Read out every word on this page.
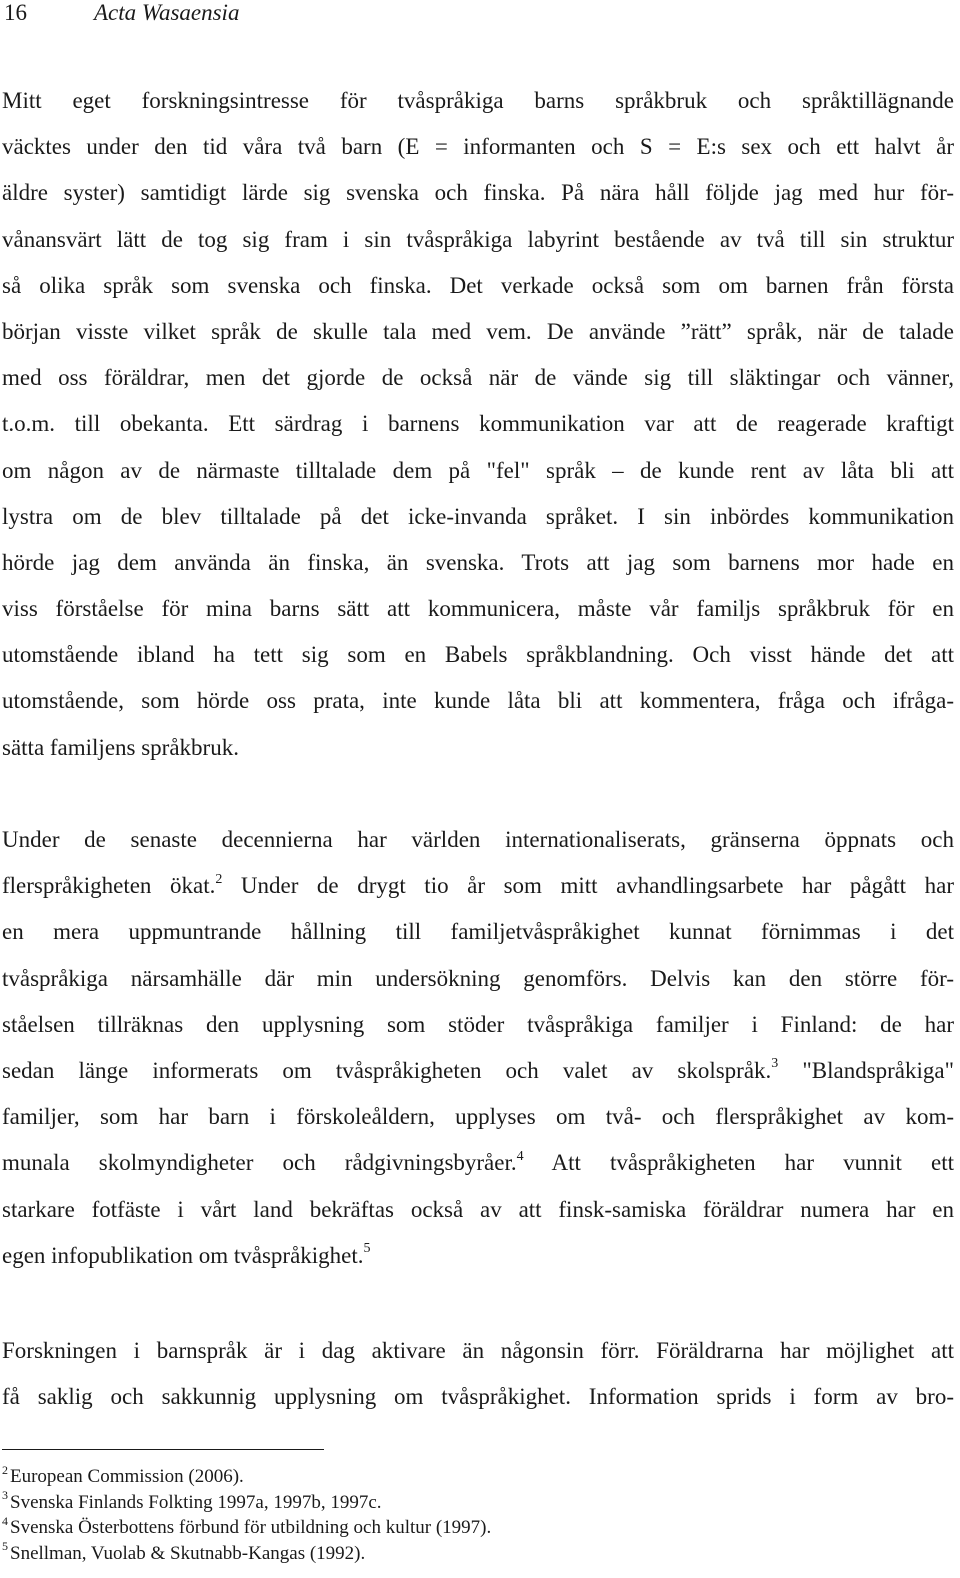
16	Acta Wasaensia
Mitt eget forskningsintresse för tvåspråkiga barns språkbruk och språktillägnande
väcktes under den tid våra två barn (E = informanten och S = E:s sex och ett halvt år
äldre syster) samtidigt lärde sig svenska och finska. På nära håll följde jag med hur för-
vånansvärt lätt de tog sig fram i sin tvåspråkiga labyrint bestående av två till sin struktur
så olika språk som svenska och finska. Det verkade också som om barnen från första
början visste vilket språk de skulle tala med vem. De använde ”rätt” språk, när de talade
med oss föräldrar, men det gjorde de också när de vände sig till släktingar och vänner,
t.o.m. till obekanta. Ett särdrag i barnens kommunikation var att de reagerade kraftigt
om någon av de närmaste tilltalade dem på "fel" språk – de kunde rent av låta bli att
lystra om de blev tilltalade på det icke-invanda språket. I sin inbördes kommunikation
hörde jag dem använda än finska, än svenska. Trots att jag som barnens mor hade en
viss förståelse för mina barns sätt att kommunicera, måste vår familjs språkbruk för en
utomstående ibland ha tett sig som en Babels språkblandning. Och visst hände det att
utomstående, som hörde oss prata, inte kunde låta bli att kommentera, fråga och ifråga-
sätta familjens språkbruk.
Under de senaste decennierna har världen internationaliserats, gränserna öppnats och
flerspråkigheten ökat.$^2$ Under de drygt tio år som mitt avhandlingsarbete har pågått har
en mera uppmuntrande hållning till familjetvåspråkighet kunnat förnimmas i det
tvåspråkiga närsamhälle där min undersökning genomförs. Delvis kan den större för-
ståelsen tillräknas den upplysning som stöder tvåspråkiga familjer i Finland: de har
sedan länge informerats om tvåspråkigheten och valet av skolspråk.$^3$ "Blandspråkiga"
familjer, som har barn i förskoleåldern, upplyses om två- och flerspråkighet av kom-
munala skolmyndigheter och rådgivningsbyråer.$^4$ Att tvåspråkigheten har vunnit ett
starkare fotfäste i vårt land bekräftas också av att finsk-samiska föräldrar numera har en
egen infopublikation om tvåspråkighet.$^5$
Forskningen i barnspråk är i dag aktivare än någonsin förr. Föräldrarna har möjlighet att
få saklig och sakkunnig upplysning om tvåspråkighet. Information sprids i form av bro-
$^2$ European Commission (2006).
$^3$ Svenska Finlands Folkting 1997a, 1997b, 1997c.
$^4$ Svenska Österbottens förbund för utbildning och kultur (1997).
$^5$ Snellman, Vuolab & Skutnabb-Kangas (1992).
